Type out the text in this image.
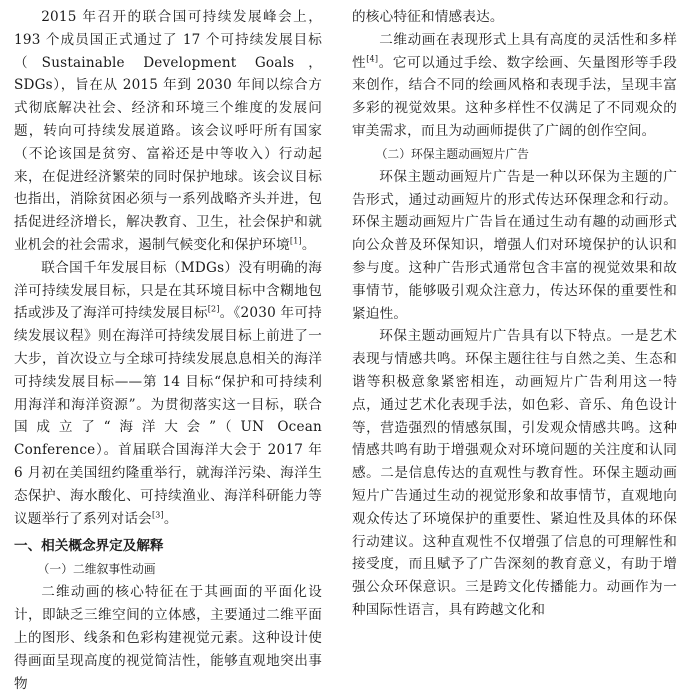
2015 年召开的联合国可持续发展峰会上，193 个成员国正式通过了 17 个可持续发展目标（Sustainable Development Goals，SDGs），旨在从 2015 年到 2030 年间以综合方式彻底解决社会、经济和环境三个维度的发展问题，转向可持续发展道路。该会议呼吁所有国家（不论该国是贫穷、富裕还是中等收入）行动起来，在促进经济繁荣的同时保护地球。该会议目标也指出，消除贫困必须与一系列战略齐头并进，包括促进经济增长，解决教育、卫生，社会保护和就业机会的社会需求，遏制气候变化和保护环境[1]。

联合国千年发展目标（MDGs）没有明确的海洋可持续发展目标，只是在其环境目标中含糊地包括或涉及了海洋可持续发展目标[2]。《2030 年可持续发展议程》则在海洋可持续发展目标上前进了一大步，首次设立与全球可持续发展息息相关的海洋可持续发展目标——第 14 目标“保护和可持续利用海洋和海洋资源”。为贯彻落实这一目标，联合国成立了“海洋大会”（UN Ocean Conference）。首届联合国海洋大会于 2017 年 6 月初在美国纽约隆重举行，就海洋污染、海洋生态保护、海水酸化、可持续渔业、海洋科研能力等议题举行了系列对话会[3]。

一、相关概念界定及解释
（一）二维叙事性动画

二维动画的核心特征在于其画面的平面化设计，即缺乏三维空间的立体感，主要通过二维平面上的图形、线条和色彩构建视觉元素。这种设计使得画面呈现高度的视觉简洁性，能够直观地突出事物

的核心特征和情感表达。

二维动画在表现形式上具有高度的灵活性和多样性[4]。它可以通过手绘、数字绘画、矢量图形等手段来创作，结合不同的绘画风格和表现手法，呈现丰富多彩的视觉效果。这种多样性不仅满足了不同观众的审美需求，而且为动画师提供了广阔的创作空间。

（二）环保主题动画短片广告

环保主题动画短片广告是一种以环保为主题的广告形式，通过动画短片的形式传达环保理念和行动。环保主题动画短片广告旨在通过生动有趣的动画形式向公众普及环保知识，增强人们对环境保护的认识和参与度。这种广告形式通常包含丰富的视觉效果和故事情节，能够吸引观众注意力，传达环保的重要性和紧迫性。

环保主题动画短片广告具有以下特点。一是艺术表现与情感共鸣。环保主题往往与自然之美、生态和谐等积极意象紧密相连，动画短片广告利用这一特点，通过艺术化表现手法，如色彩、音乐、角色设计等，营造强烈的情感氛围，引发观众情感共鸣。这种情感共鸣有助于增强观众对环境问题的关注度和认同感。二是信息传达的直观性与教育性。环保主题动画短片广告通过生动的视觉形象和故事情节，直观地向观众传达了环境保护的重要性、紧迫性及具体的环保行动建议。这种直观性不仅增强了信息的可理解性和接受度，而且赋予了广告深刻的教育意义，有助于增强公众环保意识。三是跨文化传播能力。动画作为一种国际性语言，具有跨越文化和
